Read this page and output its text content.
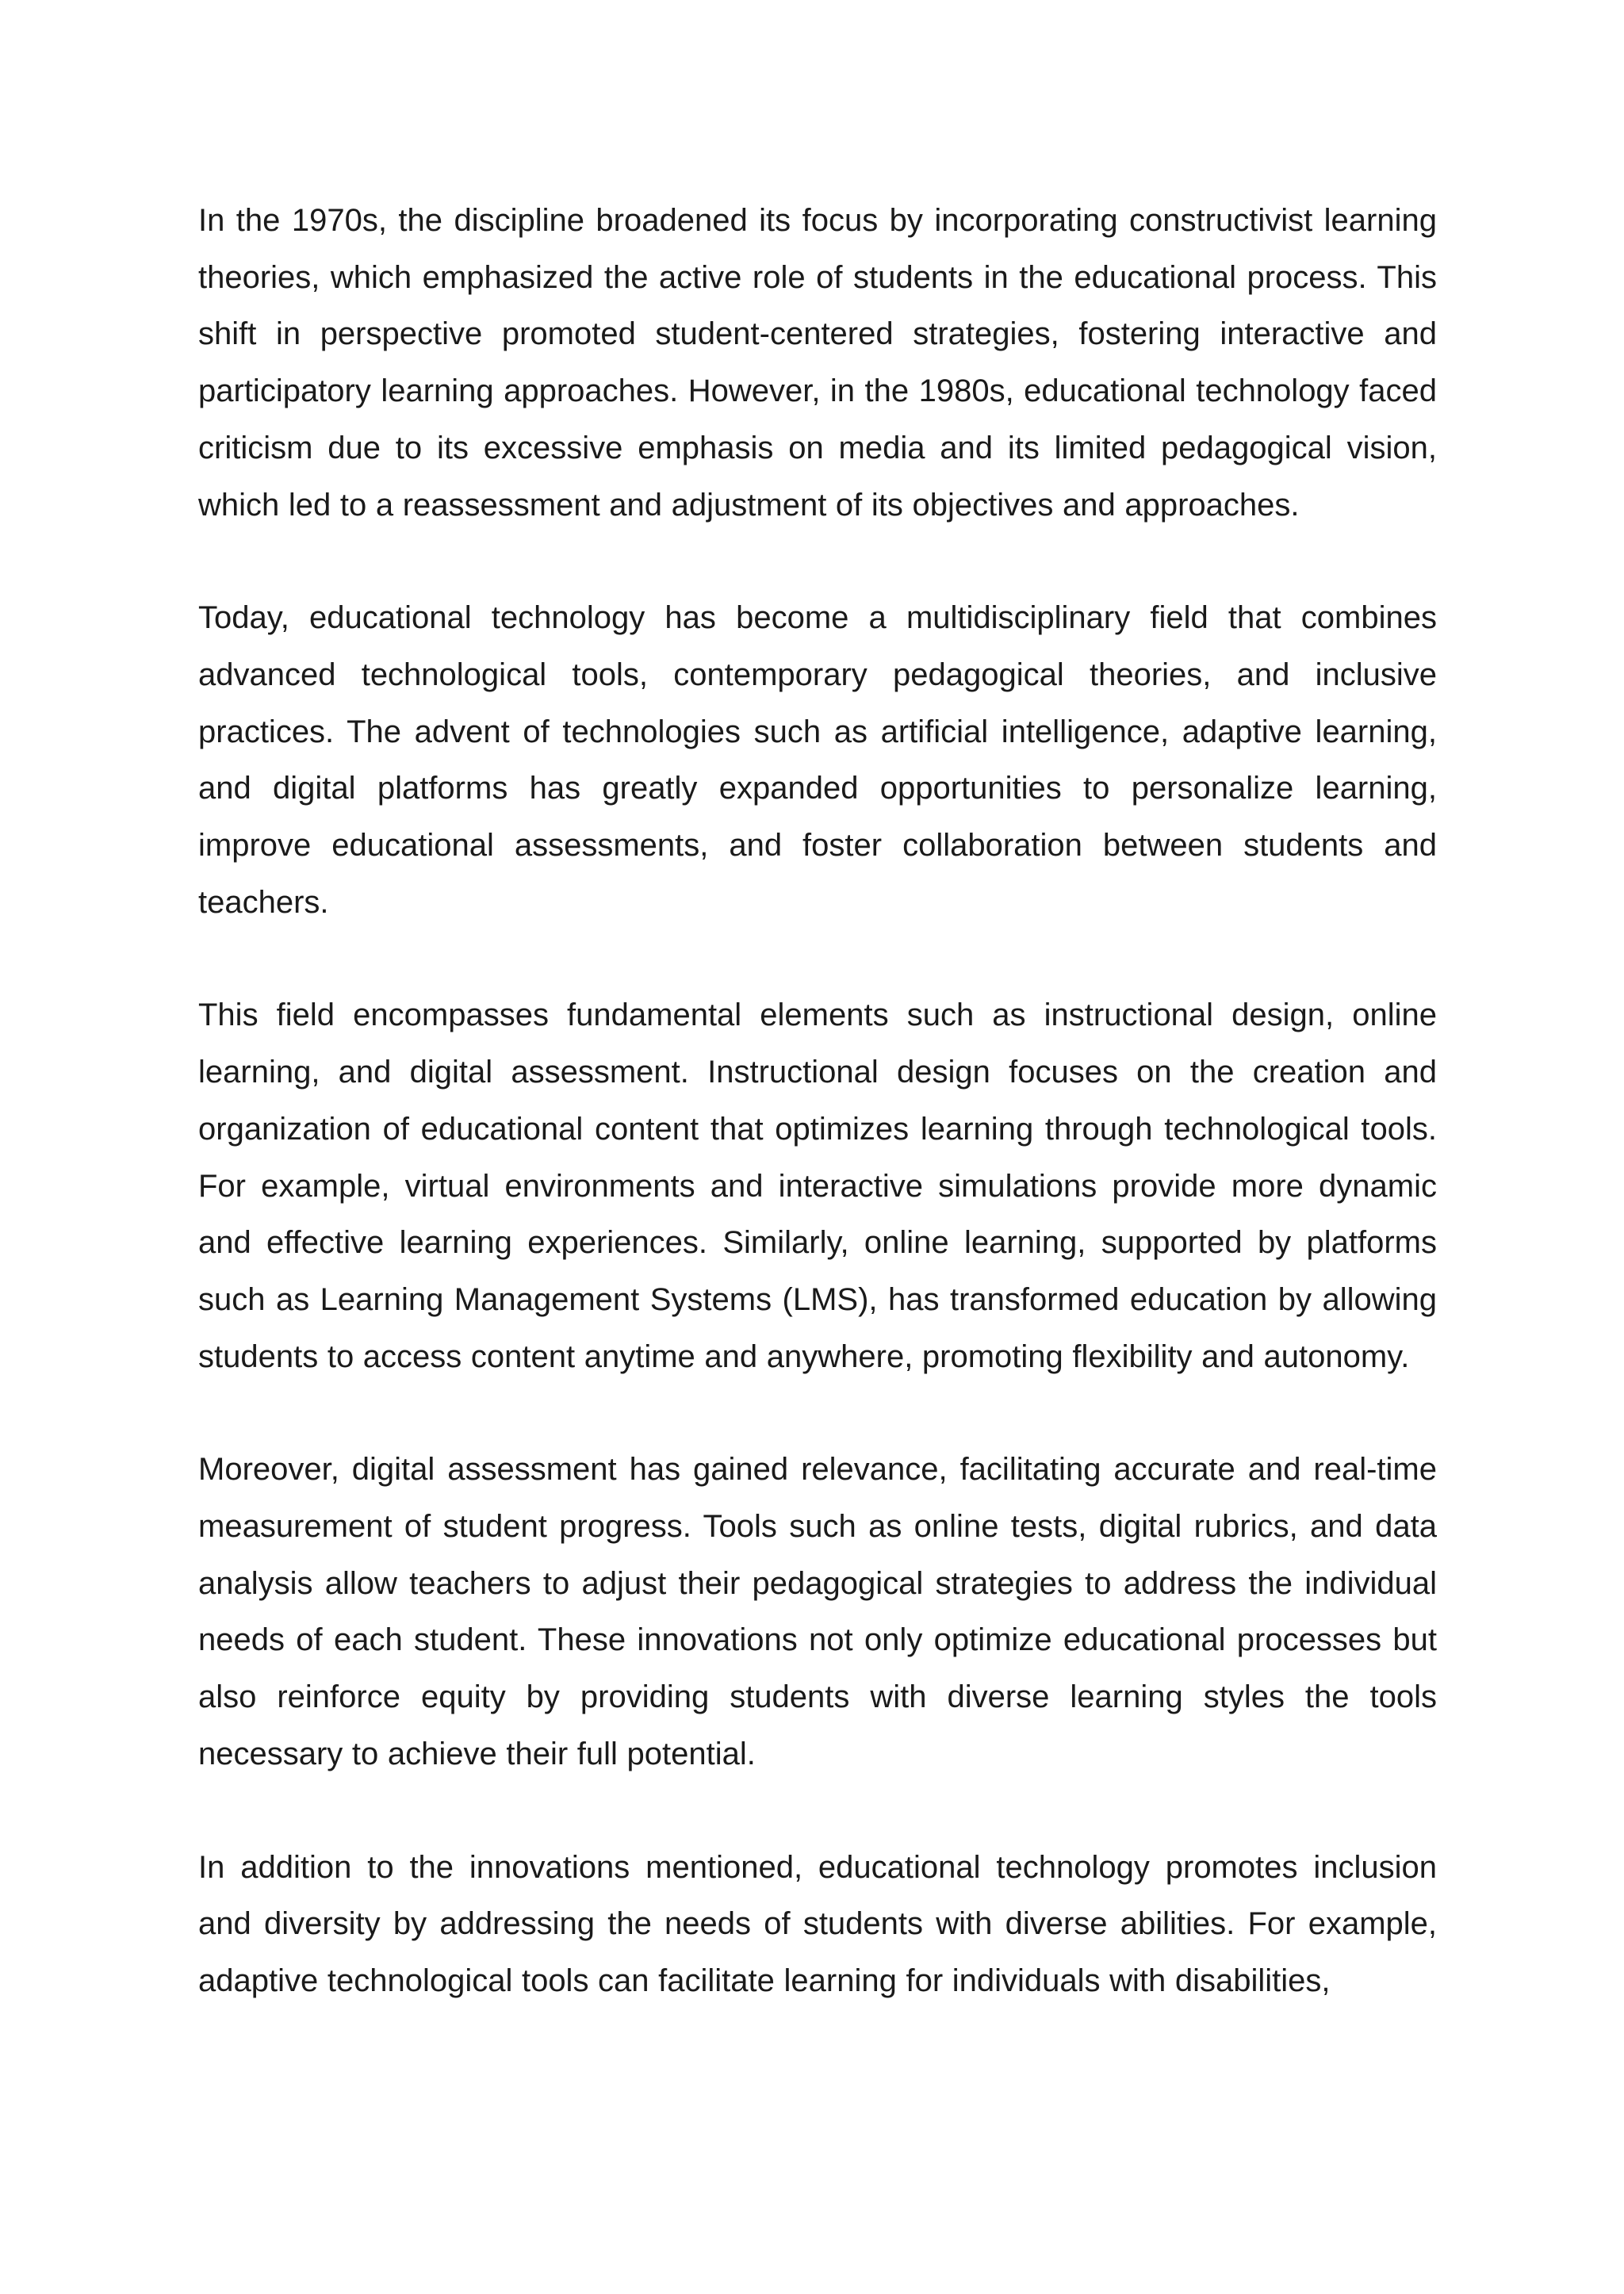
In the 1970s, the discipline broadened its focus by incorporating constructivist learning theories, which emphasized the active role of students in the educational process. This shift in perspective promoted student-centered strategies, fostering interactive and participatory learning approaches. However, in the 1980s, educational technology faced criticism due to its excessive emphasis on media and its limited pedagogical vision, which led to a reassessment and adjustment of its objectives and approaches.

Today, educational technology has become a multidisciplinary field that combines advanced technological tools, contemporary pedagogical theories, and inclusive practices. The advent of technologies such as artificial intelligence, adaptive learning, and digital platforms has greatly expanded opportunities to personalize learning, improve educational assessments, and foster collaboration between students and teachers.

This field encompasses fundamental elements such as instructional design, online learning, and digital assessment. Instructional design focuses on the creation and organization of educational content that optimizes learning through technological tools. For example, virtual environments and interactive simulations provide more dynamic and effective learning experiences. Similarly, online learning, supported by platforms such as Learning Management Systems (LMS), has transformed education by allowing students to access content anytime and anywhere, promoting flexibility and autonomy.

Moreover, digital assessment has gained relevance, facilitating accurate and real-time measurement of student progress. Tools such as online tests, digital rubrics, and data analysis allow teachers to adjust their pedagogical strategies to address the individual needs of each student. These innovations not only optimize educational processes but also reinforce equity by providing students with diverse learning styles the tools necessary to achieve their full potential.

In addition to the innovations mentioned, educational technology promotes inclusion and diversity by addressing the needs of students with diverse abilities. For example, adaptive technological tools can facilitate learning for individuals with disabilities,
